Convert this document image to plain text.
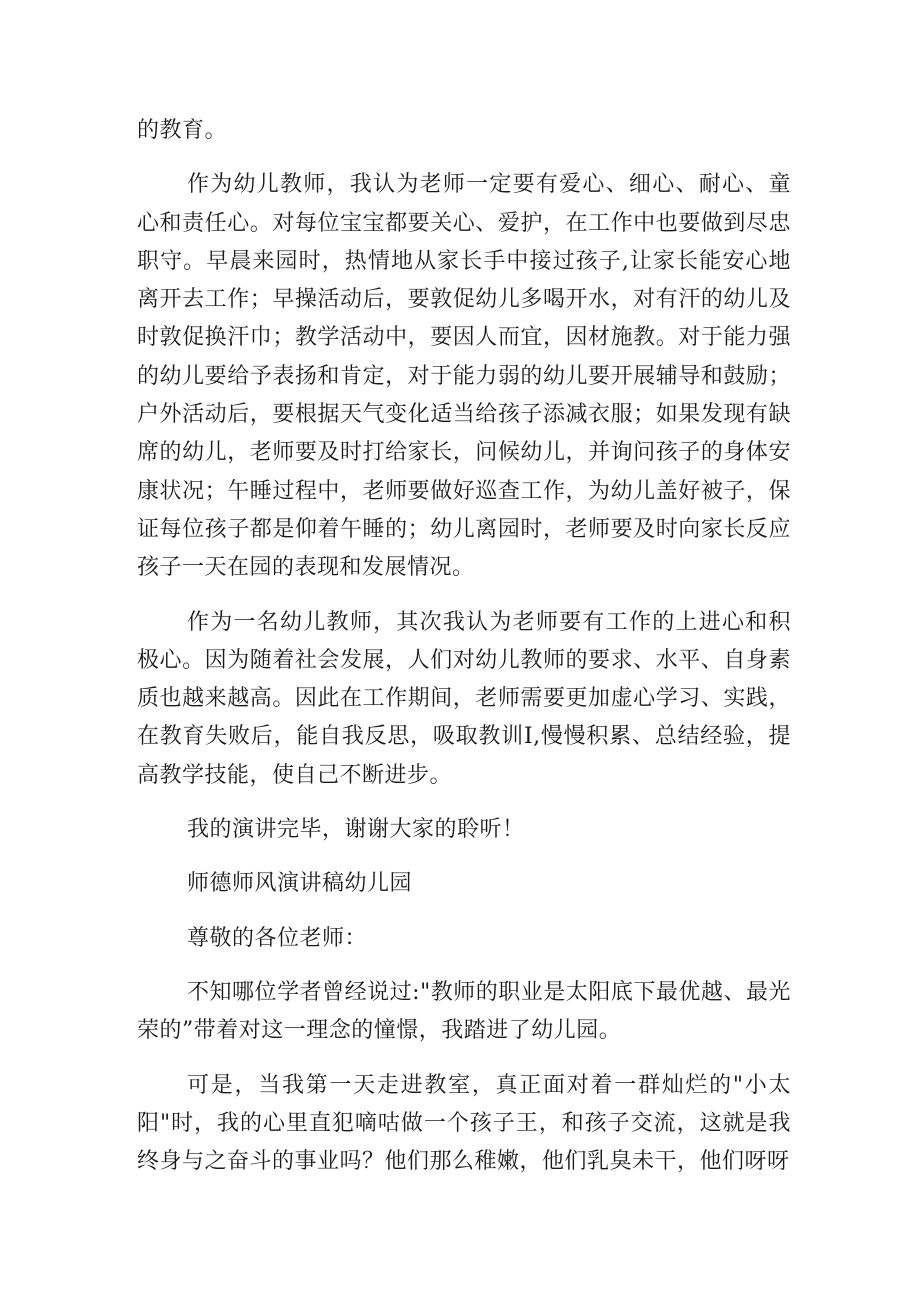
的教育。

作为幼儿教师，我认为老师一定要有爱心、细心、耐心、童心和责任心。对每位宝宝都要关心、爱护，在工作中也要做到尽忠职守。早晨来园时，热情地从家长手中接过孩子,让家长能安心地离开去工作；早操活动后，要敦促幼儿多喝开水，对有汗的幼儿及时敦促换汗巾；教学活动中，要因人而宜，因材施教。对于能力强的幼儿要给予表扬和肯定，对于能力弱的幼儿要开展辅导和鼓励；户外活动后，要根据天气变化适当给孩子添减衣服；如果发现有缺席的幼儿，老师要及时打给家长，问候幼儿，并询问孩子的身体安康状况；午睡过程中，老师要做好巡查工作，为幼儿盖好被子，保证每位孩子都是仰着午睡的；幼儿离园时，老师要及时向家长反应孩子一天在园的表现和发展情况。

作为一名幼儿教师，其次我认为老师要有工作的上进心和积极心。因为随着社会发展，人们对幼儿教师的要求、水平、自身素质也越来越高。因此在工作期间，老师需要更加虚心学习、实践，在教育失败后，能自我反思，吸取教训I,慢慢积累、总结经验，提高教学技能，使自己不断进步。

我的演讲完毕，谢谢大家的聆听！

师德师风演讲稿幼儿园

尊敬的各位老师：

不知哪位学者曾经说过:"教师的职业是太阳底下最优越、最光荣的”带着对这一理念的憧憬，我踏进了幼儿园。

可是，当我第一天走进教室，真正面对着一群灿烂的"小太阳"时，我的心里直犯嘀咕做一个孩子王，和孩子交流，这就是我终身与之奋斗的事业吗？他们那么稚嫩，他们乳臭未干，他们呀呀
